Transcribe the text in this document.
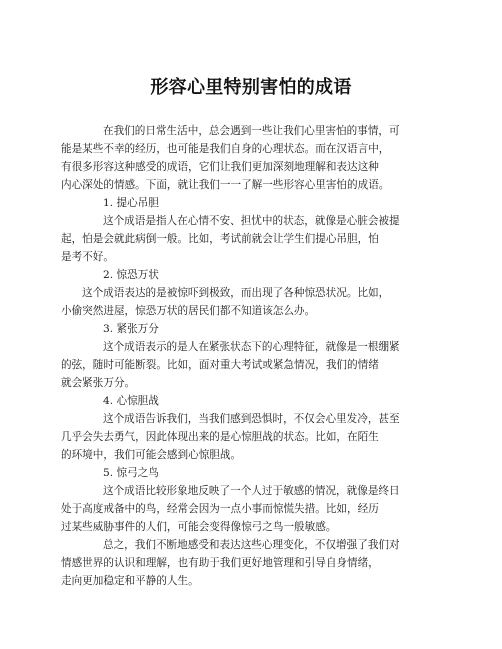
形容心里特别害怕的成语
在我们的日常生活中，总会遇到一些让我们心里害怕的事情，可
能是某些不幸的经历，也可能是我们自身的心理状态。而在汉语言中，
有很多形容这种感受的成语，它们让我们更加深刻地理解和表达这种
内心深处的情感。下面，就让我们一一了解一些形容心里害怕的成语。
1. 提心吊胆
这个成语是指人在心情不安、担忧中的状态，就像是心脏会被提
起，怕是会就此病倒一般。比如，考试前就会让学生们提心吊胆，怕
是考不好。
2. 惊恐万状
这个成语表达的是被惊吓到极致，而出现了各种惊恐状况。比如，
小偷突然进屋，惊恐万状的居民们都不知道该怎么办。
3. 紧张万分
这个成语表示的是人在紧张状态下的心理特征，就像是一根绷紧
的弦，随时可能断裂。比如，面对重大考试或紧急情况，我们的情绪
就会紧张万分。
4. 心惊胆战
这个成语告诉我们，当我们感到恐惧时，不仅会心里发冷，甚至
几乎会失去勇气，因此体现出来的是心惊胆战的状态。比如，在陌生
的环境中，我们可能会感到心惊胆战。
5. 惊弓之鸟
这个成语比较形象地反映了一个人过于敏感的情况，就像是终日
处于高度戒备中的鸟，经常会因为一点小事而惊慌失措。比如，经历
过某些威胁事件的人们，可能会变得像惊弓之鸟一般敏感。
总之，我们不断地感受和表达这些心理变化，不仅增强了我们对
情感世界的认识和理解，也有助于我们更好地管理和引导自身情绪，
走向更加稳定和平静的人生。
